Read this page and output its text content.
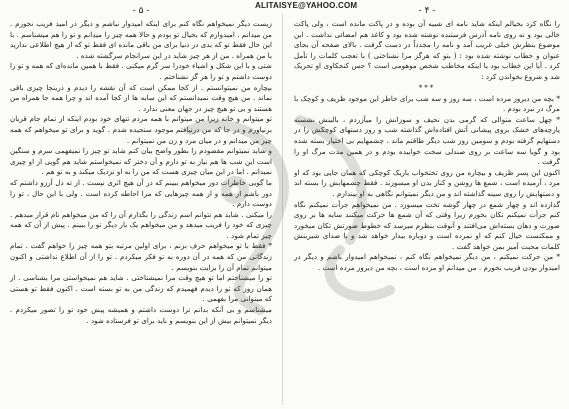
ALITAISYE@YAHOO.COM
- ۵ -

زیست دیگر نمیخواهم نگاه کنم برای اینکه امیدوار نباشم و دیگر در امید فریب نخورم . من میدانم . امیدوارم که بخیال تو بودم و حالا همه چیز را میدانم و تو را هم میشناسم . با این حال فقط تو که بدی در دنیا برای من باقی مانده ای فقط تو که از هیچ اطلاعی ندارید با من همراه . من از هر چیز شاید در این سرانجام سرگشته شده .

شتی و با این شکل و اشیاء خودرا سر گرم میکنی . فقط با همین مانده‌ای که همه و تو را دوست داشتم و تو را هر گز نشناختم .

بیچاره من نمیتوانستم . از کجا ممکن است که آن نقشه را دیدم و درینجا چیزی باقی نماند . من هیچ وقت نمیدانستم که این سایه ها از کجا آمده اند و چرا همه جا همراه من هستند و بی تو هیچ چیز در جهان معنی ندارد .

تو میتوانم و خانه زیرا من میتوانم با همه مردم تنهای خود بودم اینکه از تمام جام قربان برنیاورم و در جا که من درنیافتم موجود سنجیده شدم . گوید و برای تو میخواهم که همه چیز من میدانم و در میان مرد و زن من نمیتوانم .

و شاید نمیتوانم مقصودم را بطور واضح بیان کنم شاید تو چیز را نمیفهمی سرم و سنگین است این شب ها هم نیاز به تو دارم و آن دختر که نمیخواستم شاید هم گویی از او چیزی نمیدانم . اما در این میان چیزی هست که من را به او نزدیک میکند و به تو هم .

ما گویی خاطرات دور میخواهم ببینم که در آن هیچ اثری نیست . از ته دل آرزو داشتم که دور باشم از همه و از همه چیزهایی که مرا احاطه کرده است . ولی با این حال ، تو را دوست دارم .

را میکنی . شاید هم نتوانم اسم زندگی را بگذارم آن را که من میخواهم نام قرار میدهم . چیزی که خود را فریب میدهد و من میخواهم یک بار دیگر تو را ببینم . پیش از آن که همه چیز تمام شود .

* فقط با تو میخواهم حرف بزنم ، برای اولین مرتبه بتو همه چیز را خواهم گفت . تمام زندگانی من که همه در آن دوره به تو فکر میکردم . تو را از آن اطلاع نداشتی و اکنون میتوانم تمام آن را برایت بنویسم .

تو را میشناختم اما تو هیچ وقت مرا نمیشناختی . شاید هم نمیخواستی مرا بشناسی . از همان روز که تو را دیدم فهمیدم که زندگی من به تو بسته است . اکنون فقط تو هستی که میتوانی مرا بفهمی .

میشناسم و بی آنکه بدانم ترا دوست داشتم و همیشه پیش خود تو را تصور میکردم . دیگر نمیتوانم بیش از این بنویسم و باید برای تو فرستاده شود .

- ۴ -

را نگاه کرد بخیالم اینکه شاید نامه ای شبیه آن بوده و در پاکت مانده است ، ولی پاکت خالی بود و نه روی نامه آدرس فرستنده نوشته شده بود و کاغذ هم امضائی نداشت . این موضوع بنظرش خیلی غریب آمد و نامه را مجدداً در دست گرفت . بالای صفحه آن بجای عنوان و خطاب نوشته شده بود : ( بتو که هرگز مرا نشناختی ) با تعجب کلمات را تأمل کرد . آیا این خطاب بود یا اینکه مخاطب شخص موهومی است ؟ حس کنجکاوی او تحریک شد و شروع بخواندن کرد :

***

* بچه من دیروز مرده است ، سه روز و سه شب برای خاطر این موجود ظریف و کوچک با مرگ در نبرد بودم .

* چهل ساعت متوالی که گرمی بدن نحیف و سوزانش را میآزردم ، بالینش نشسته پارچه‌های خشک بروی پیشانی آتش افتاده‌اش گذاشته شب و روز دستهای کوچکش را در دستهایم گرفته بودم و سومین روز شب دیگر طاقتم ماند ، چشمهایم بی اختیار بسته شده بود و گویا سه ساعت بر روی صندلی سخت خوابیده بودم و در همین مدت مرگ او را گرفت .

اکنون این پسر ظریف و بیچاره من روی تختخواب باریک کوچکی که همان جایی بود که او مرد ، آرمیده است ، شمع ها روشن و کنار بدن او میسوزند . فقط چشمهایش را بسته اند و دستهایش را روی سینه گذاشته اند و من دیگر نمیتوانم نگاهی به او بیندازم .

گذارده اند و چهار شمع در چهار گوشه تخت میسوزد . من نمیخواهم جرأت نمیکنم نگاه کنم جرأت نمیکنم تکان بخورم زیرا وقتی که آن شمع ها حرکت میکنند سایه ها بر روی صورت و دهان بسته‌اش می‌افتند و آنوقت بنظرم میرسد که خطوط صورتش تکان میخورد و ممکنست خیال کنم که او نمرده است و دوباره بیدار خواهد شد و با صدای شیرینش کلمات محبت آمیز بمن خواهد گفت .

* من حرکت نمیکنم ، من دیگر نمیخواهم نگاه کنم ، نمیخواهم امیدوار باشم و دیگر در امیدوار بودن فریب نخورم . من میدانم او مرده است ، بچه من دیروز مرده است .
